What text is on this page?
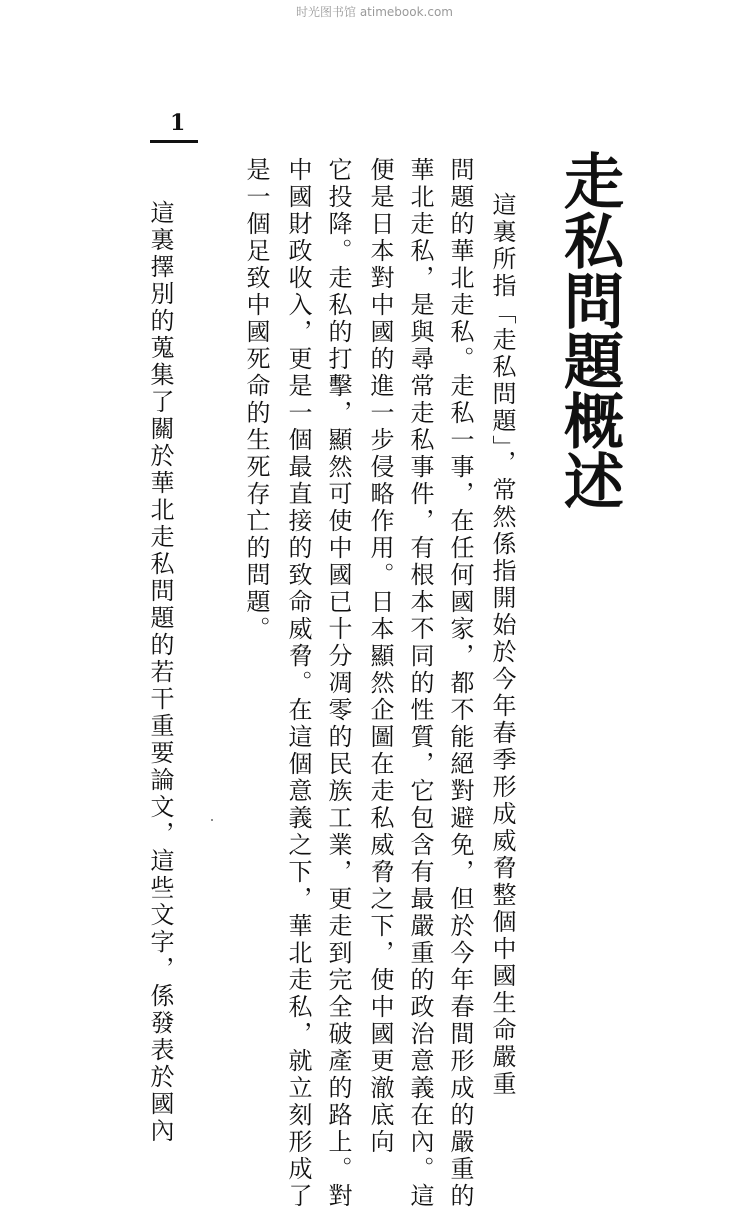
时光图书馆 atimebook.com
1
走私問題概述
這裏所指「走私問題」，常然係指開始於今年春季形成威脅整個中國生命嚴重
問題的華北走私。走私一事，在任何國家，都不能絕對避免，但於今年春間形成的嚴重的
華北走私，是與尋常走私事件，有根本不同的性質，它包含有最嚴重的政治意義在內。這
便是日本對中國的進一步侵略作用。日本顯然企圖在走私威脅之下，使中國更澈底向
它投降。走私的打擊，顯然可使中國已十分凋零的民族工業，更走到完全破產的路上。對
中國財政收入，更是一個最直接的致命威脅。在這個意義之下，華北走私，就立刻形成了
是一個足致中國死命的生死存亡的問題。
這裏擇別的蒐集了關於華北走私問題的若干重要論文，這些文字，係發表於國內
